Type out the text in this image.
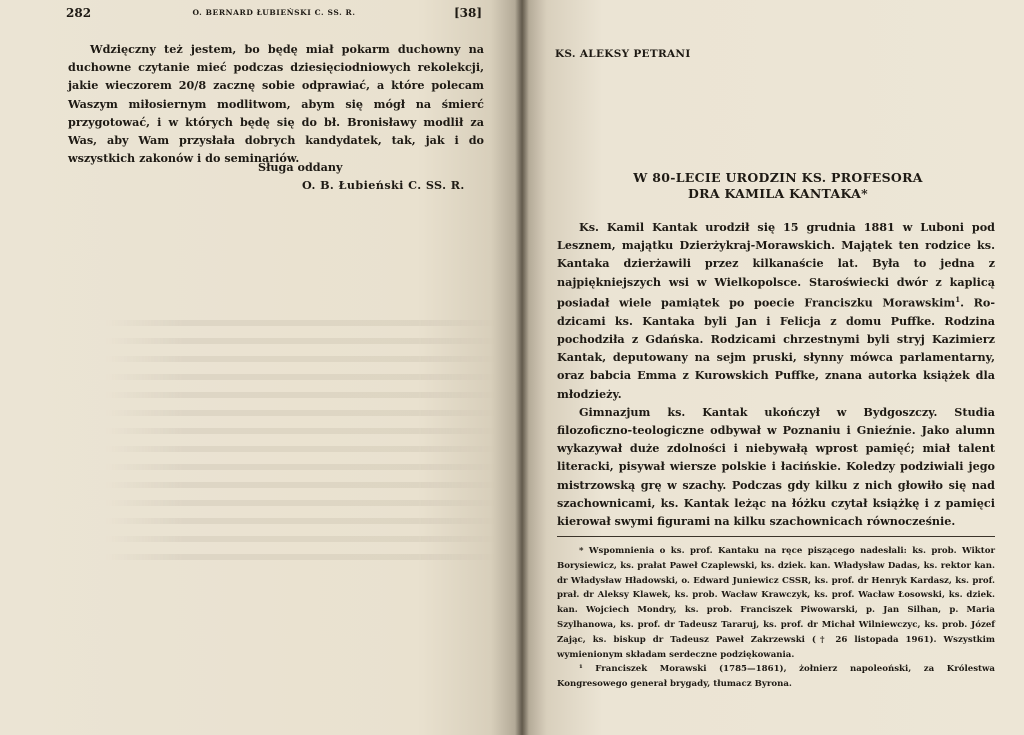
282	O. BERNARD ŁUBIEŃSKI C. SS. R.	[38]

Wdzięczny też jestem, bo będę miał pokarm duchowny na duchowne czytanie mieć podczas dziesięciodniowych rekolekcji, jakie wieczorem 20/8 zacznę sobie odprawiać, a które polecam Waszym miłosiernym modlitwom, abym się mógł na śmierć przygotować, i w których będę się do bł. Bronisławy modlił za Was, aby Wam przysłała dobrych kandydatek, tak, jak i do wszystkich zakonów i do seminariów.

Sługa oddany
O. B. Łubieński C. SS. R.
KS. ALEKSY PETRANI
W 80-LECIE URODZIN KS. PROFESORA
DRA KAMILA KANTAKA*

Ks. Kamil Kantak urodził się 15 grudnia 1881 w Luboni pod Lesznem, majątku Dzierżykraj-Morawskich. Majątek ten rodzice ks. Kantaka dzierżawili przez kilkanaście lat. Była to jedna z najpiękniejszych wsi w Wielkopolsce. Staroświecki dwór z kaplicą posiadał wiele pamiątek po poecie Franciszku Morawskim$^1$. Rodzicami ks. Kantaka byli Jan i Felicja z domu Puffke. Rodzina pochodziła z Gdańska. Rodzicami chrzestnymi byli stryj Kazimierz Kantak, deputowany na sejm pruski, słynny mówca parlamentarny, oraz babcia Emma z Kurowskich Puffke, znana autorka książek dla młodzieży.

Gimnazjum ks. Kantak ukończył w Bydgoszczy. Studia filozoficzno-teologiczne odbywał w Poznaniu i Gnieźnie. Jako alumn wykazywał duże zdolności i niebywałą wprost pamięć; miał talent literacki, pisywał wiersze polskie i łacińskie. Koledzy podziwiali jego mistrzowską grę w szachy. Podczas gdy kilku z nich głowiło się nad szachownicami, ks. Kantak leżąc na łóżku czytał książkę i z pamięci kierował swymi figurami na kilku szachownicach równocześnie.

* Wspomnienia o ks. prof. Kantaku na ręce piszącego nadesłali: ks. prob. Wiktor Borysiewicz, ks. prałat Paweł Czaplewski, ks. dziek. kan. Władysław Dadas, ks. rektor kan. dr Władysław Hładowski, o. Edward Juniewicz CSSR, ks. prof. dr Henryk Kardasz, ks. prof. prał. dr Aleksy Klawek, ks. prob. Wacław Krawczyk, ks. prof. Wacław Łosowski, ks. dziek. kan. Wojciech Mondry, ks. prob. Franciszek Piwowarski, p. Jan Silhan, p. Maria Szylhanowa, ks. prof. dr Tadeusz Tararuj, ks. prof. dr Michał Wilniewczyc, ks. prob. Józef Zając, ks. biskup dr Tadeusz Paweł Zakrzewski († 26 listopada 1961). Wszystkim wymienionym składam serdeczne podziękowania.

¹ Franciszek Morawski (1785—1861), żołnierz napoleoński, za Królestwa Kongresowego generał brygady, tłumacz Byrona.
